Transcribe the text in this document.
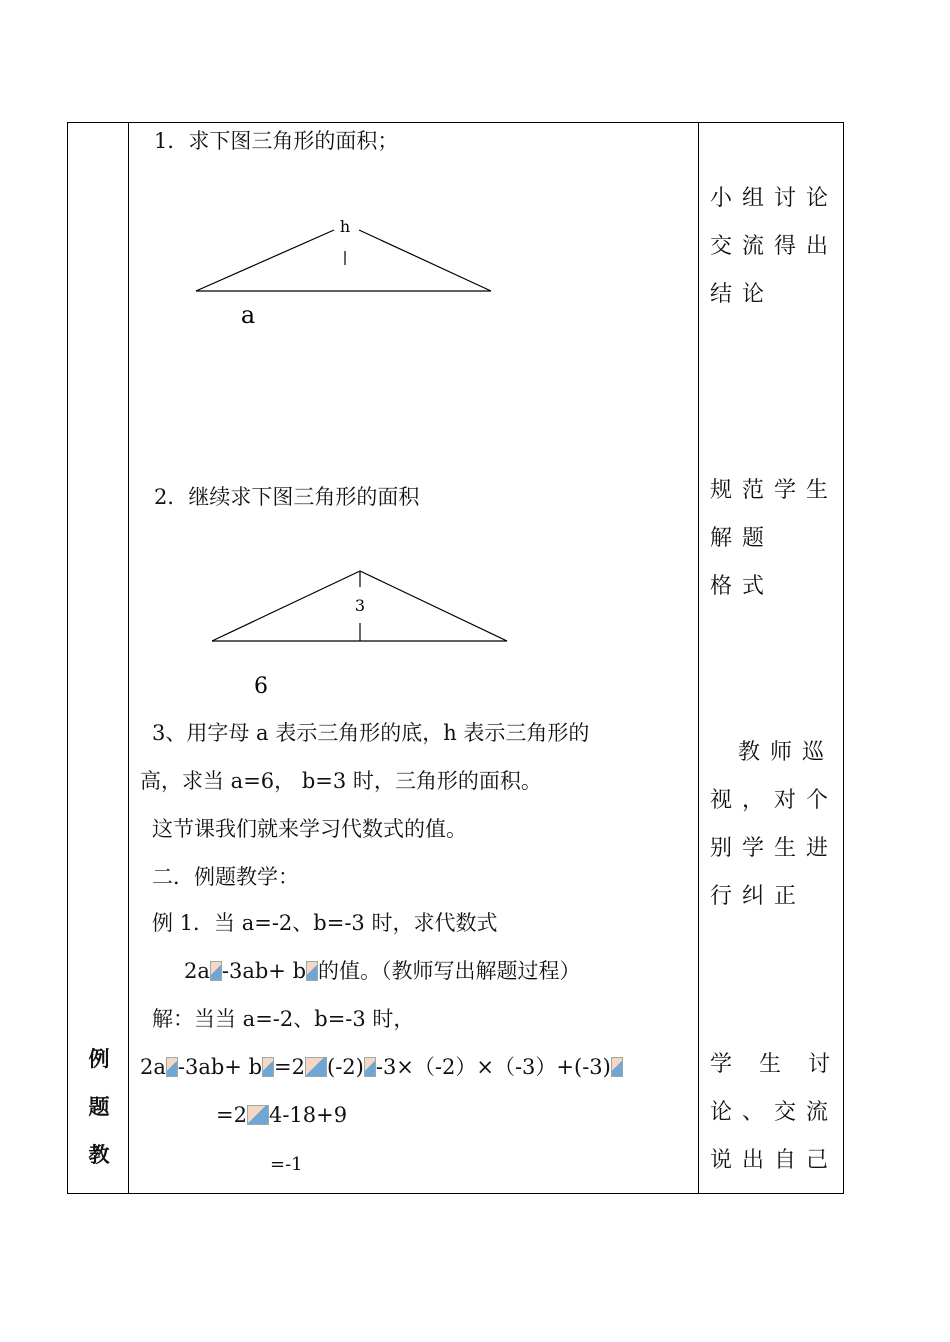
例
题
教
1．求下图三角形的面积；
h
a
2．继续求下图三角形的面积
3
6
3、用字母 a 表示三角形的底，h 表示三角形的
高，求当 a=6， b=3 时，三角形的面积。
这节课我们就来学习代数式的值。
二．例题教学：
例 1．当 a=-2、b=-3 时，求代数式
2a -3ab+ b 的值。（教师写出解题过程）
解：当当 a=-2、b=-3 时，
2a -3ab+ b =2 (-2) -3×（-2）×（-3）+(-3)
=2 4-18+9
=-1
小组讨论
交流得出
结论
规范学生
解题
格式
教师巡
视，对个
别学生进
行纠正
学 生 讨
论、交流
说出自己
